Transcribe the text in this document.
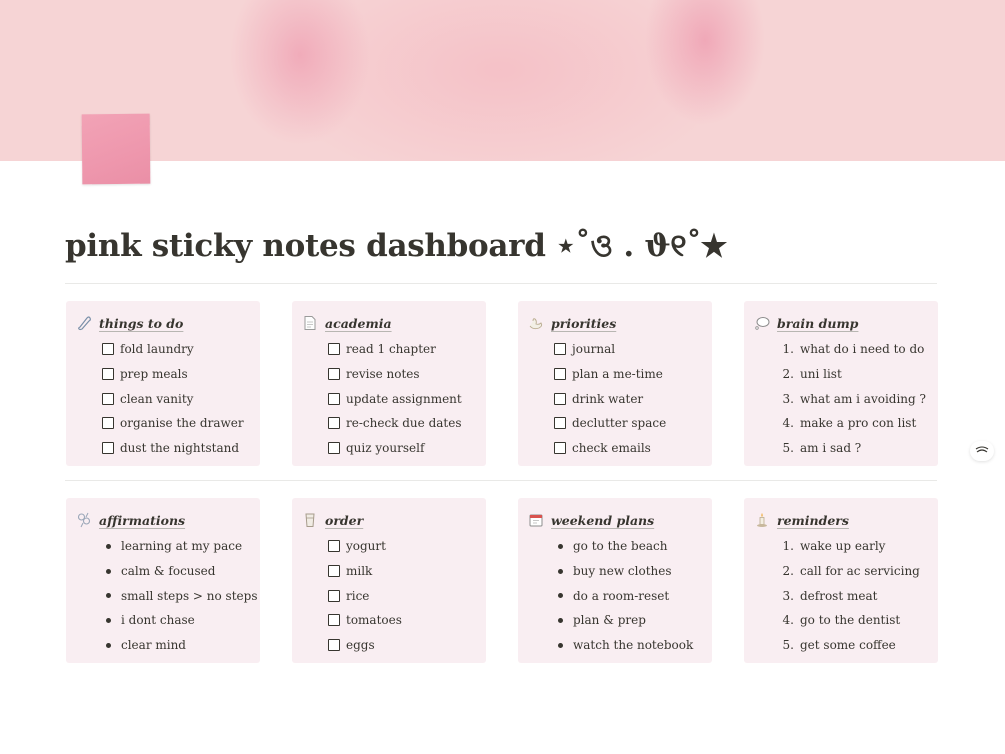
pink sticky notes dashboard ⋆˚ও . ϑ୧˚★
things to do
fold laundry
prep meals
clean vanity
organise the drawer
dust the nightstand
academia
read 1 chapter
revise notes
update assignment
re-check due dates
quiz yourself
priorities
journal
plan a me-time
drink water
declutter space
check emails
brain dump
1. what do i need to do
2. uni list
3. what am i avoiding ?
4. make a pro con list
5. am i sad ?
affirmations
learning at my pace
calm & focused
small steps > no steps
i dont chase
clear mind
order
yogurt
milk
rice
tomatoes
eggs
weekend plans
go to the beach
buy new clothes
do a room-reset
plan & prep
watch the notebook
reminders
1. wake up early
2. call for ac servicing
3. defrost meat
4. go to the dentist
5. get some coffee
